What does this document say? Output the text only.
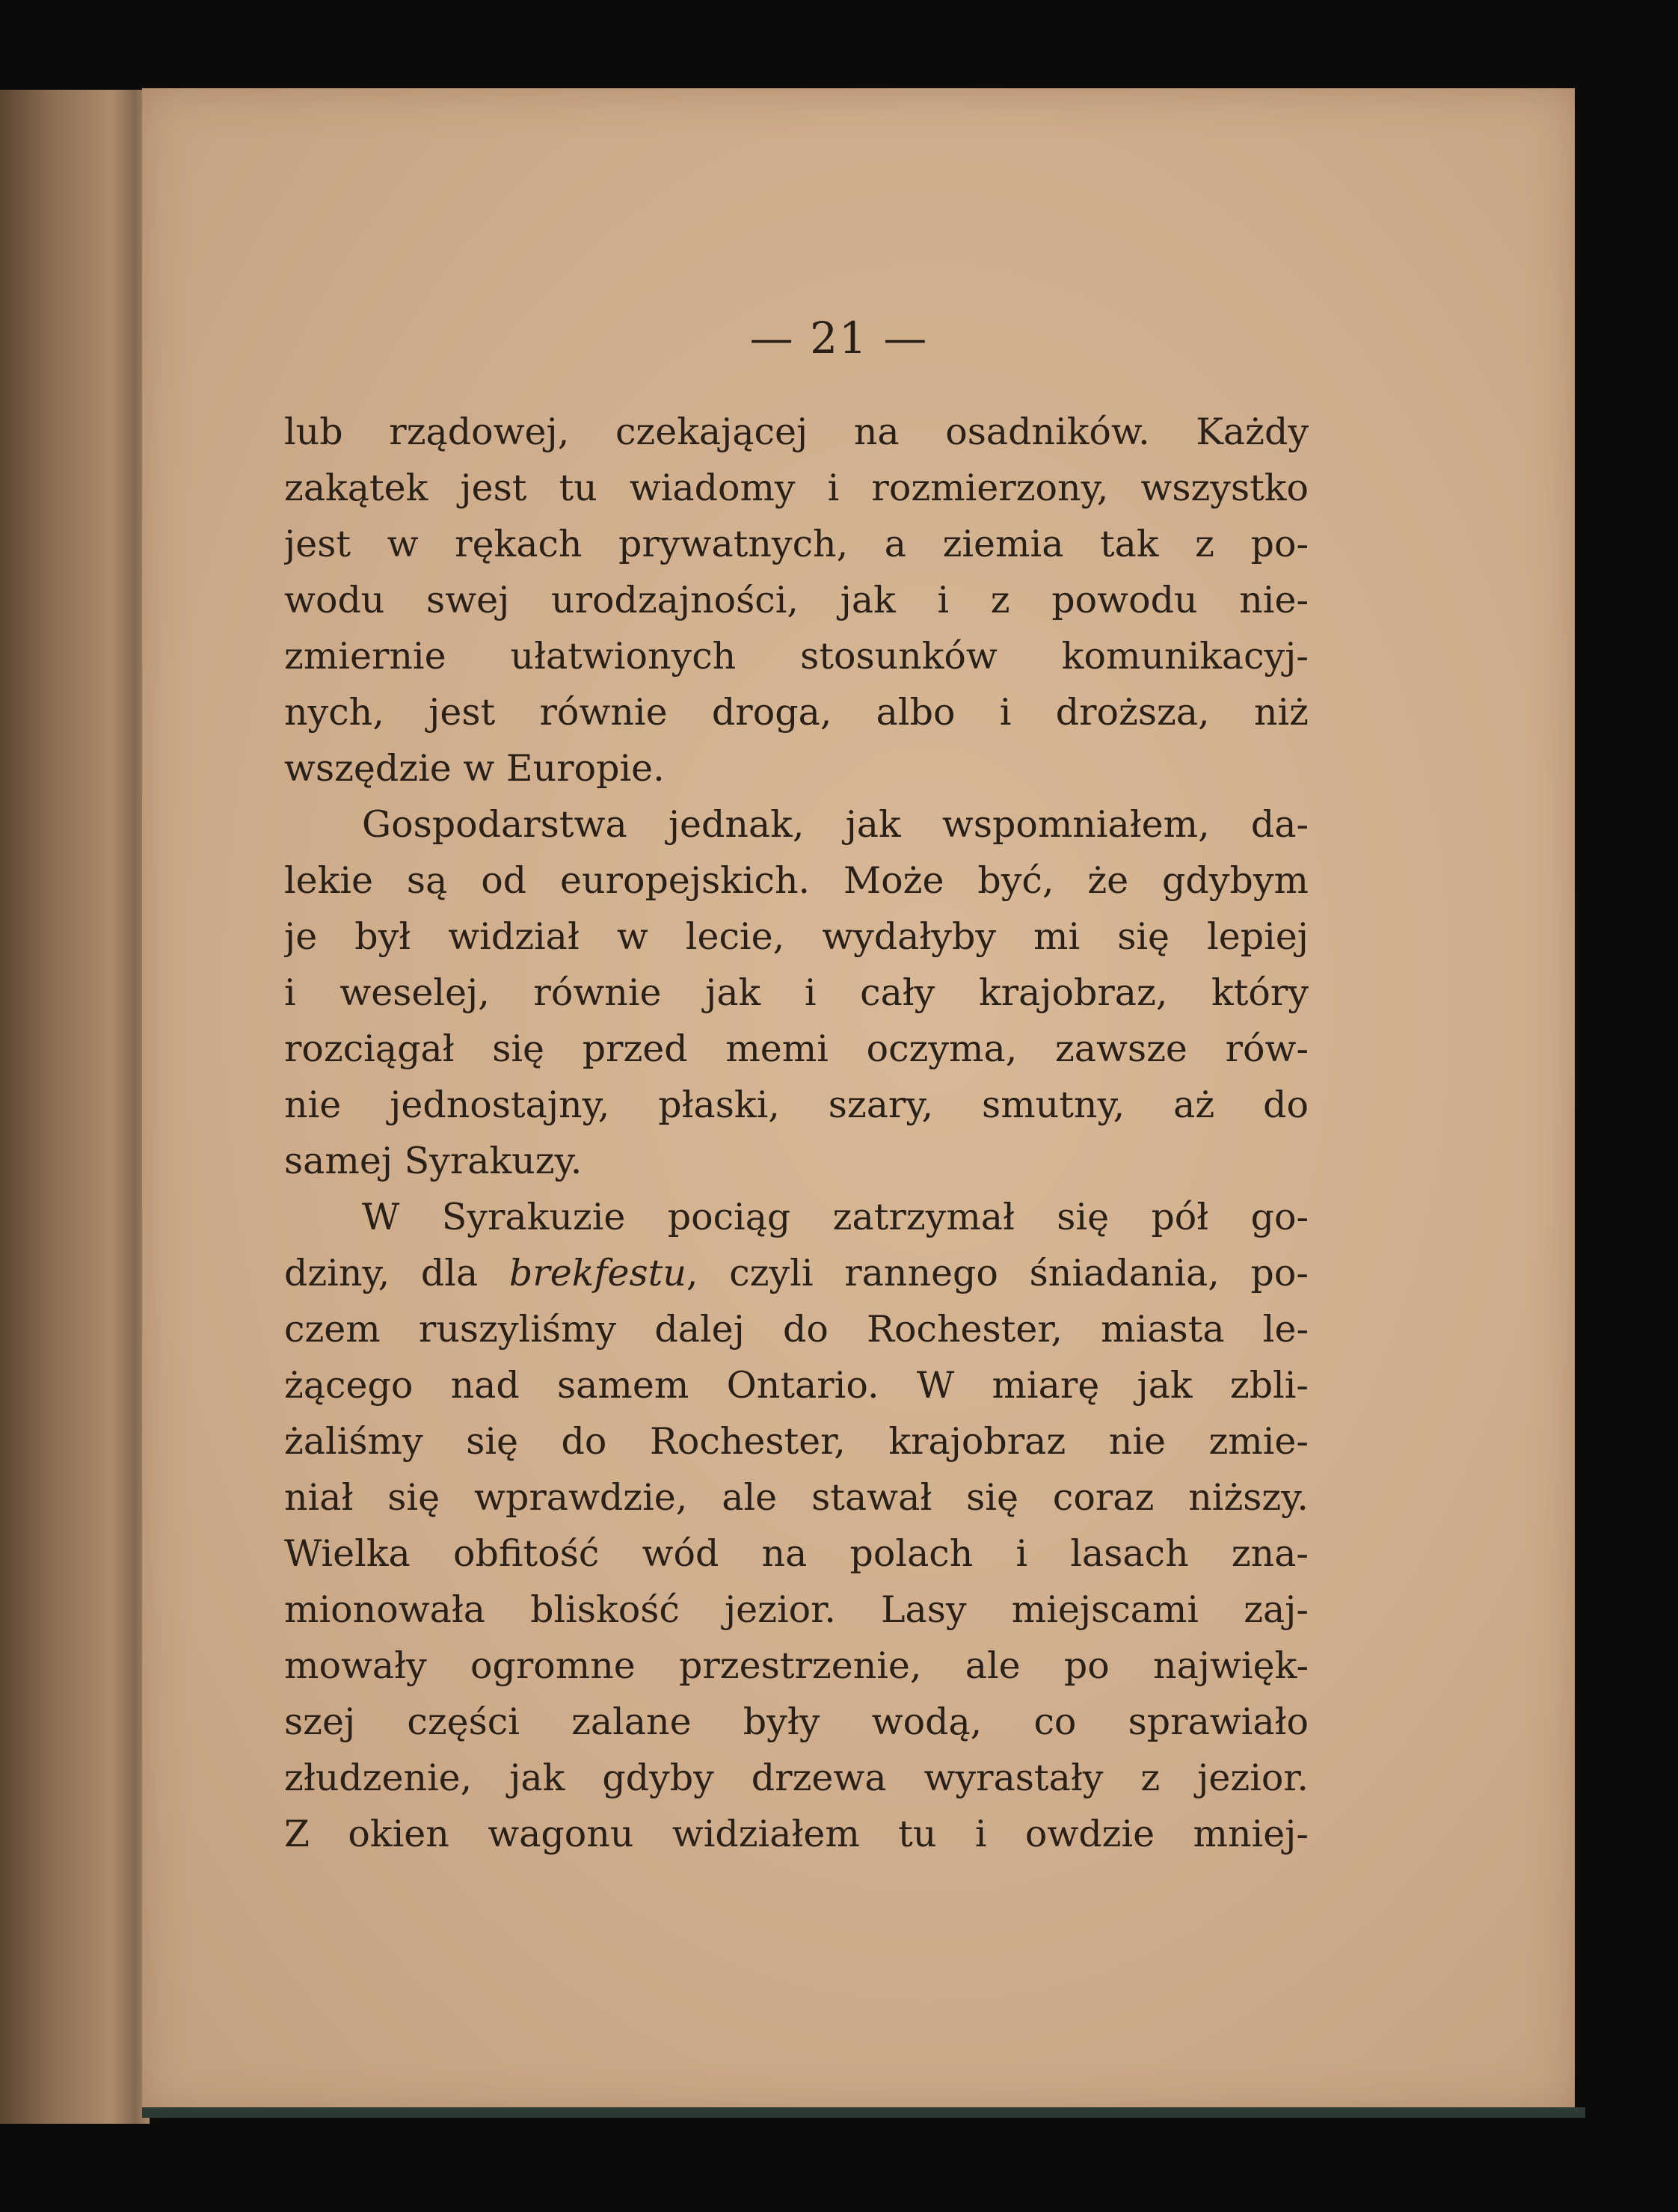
— 21 —
lub rządowej, czekającej na osadników. Każdy
zakątek jest tu wiadomy i rozmierzony, wszystko
jest w rękach prywatnych, a ziemia tak z po-
wodu swej urodzajności, jak i z powodu nie-
zmiernie ułatwionych stosunków komunikacyj-
nych, jest równie droga, albo i droższa, niż
wszędzie w Europie.
Gospodarstwa jednak, jak wspomniałem, da-
lekie są od europejskich. Może być, że gdybym
je był widział w lecie, wydałyby mi się lepiej
i weselej, równie jak i cały krajobraz, który
rozciągał się przed memi oczyma, zawsze rów-
nie jednostajny, płaski, szary, smutny, aż do
samej Syrakuzy.
W Syrakuzie pociąg zatrzymał się pół go-
dziny, dla brekfestu, czyli rannego śniadania, po-
czem ruszyliśmy dalej do Rochester, miasta le-
żącego nad samem Ontario. W miarę jak zbli-
żaliśmy się do Rochester, krajobraz nie zmie-
niał się wprawdzie, ale stawał się coraz niższy.
Wielka obfitość wód na polach i lasach zna-
mionowała bliskość jezior. Lasy miejscami zaj-
mowały ogromne przestrzenie, ale po najwięk-
szej części zalane były wodą, co sprawiało
złudzenie, jak gdyby drzewa wyrastały z jezior.
Z okien wagonu widziałem tu i owdzie mniej-
